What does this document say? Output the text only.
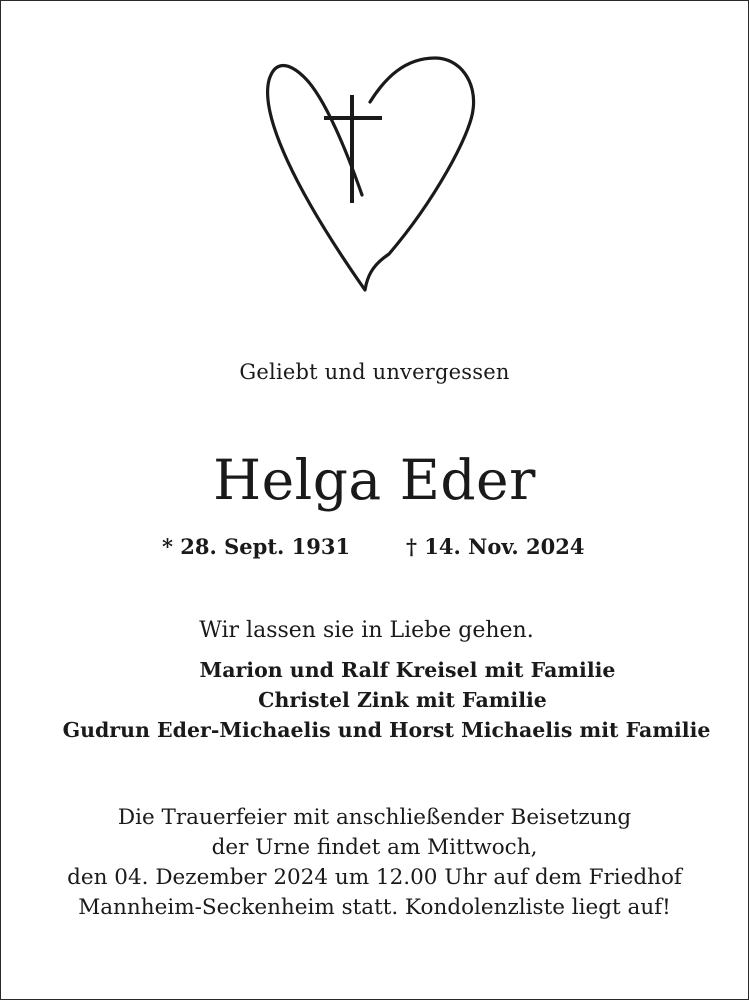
Geliebt und unvergessen
Helga Eder
* 28. Sept. 1931	† 14. Nov. 2024
Wir lassen sie in Liebe gehen.
Marion und Ralf Kreisel mit Familie
Christel Zink mit Familie
Gudrun Eder-Michaelis und Horst Michaelis mit Familie
Die Trauerfeier mit anschließender Beisetzung
der Urne findet am Mittwoch,
den 04. Dezember 2024 um 12.00 Uhr auf dem Friedhof
Mannheim-Seckenheim statt. Kondolenzliste liegt auf!
